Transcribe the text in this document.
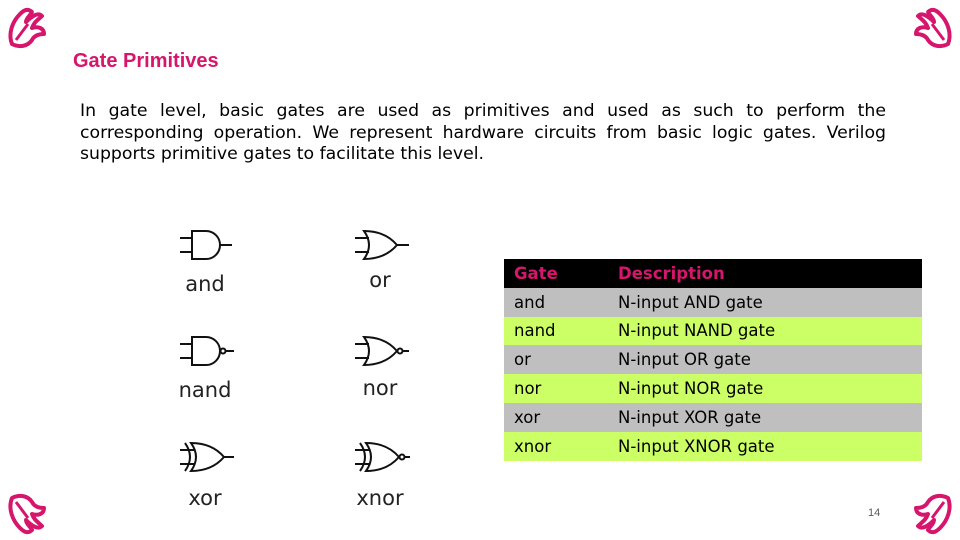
Gate Primitives
In gate level, basic gates are used as primitives and used as such to perform the corresponding operation. We represent hardware circuits from basic logic gates. Verilog supports primitive gates to facilitate this level.
and	or
nand	nor
xor	xnor
Gate	Description
and	N-input AND gate
nand	N-input NAND gate
or	N-input OR gate
nor	N-input NOR gate
xor	N-input XOR gate
xnor	N-input XNOR gate
14
